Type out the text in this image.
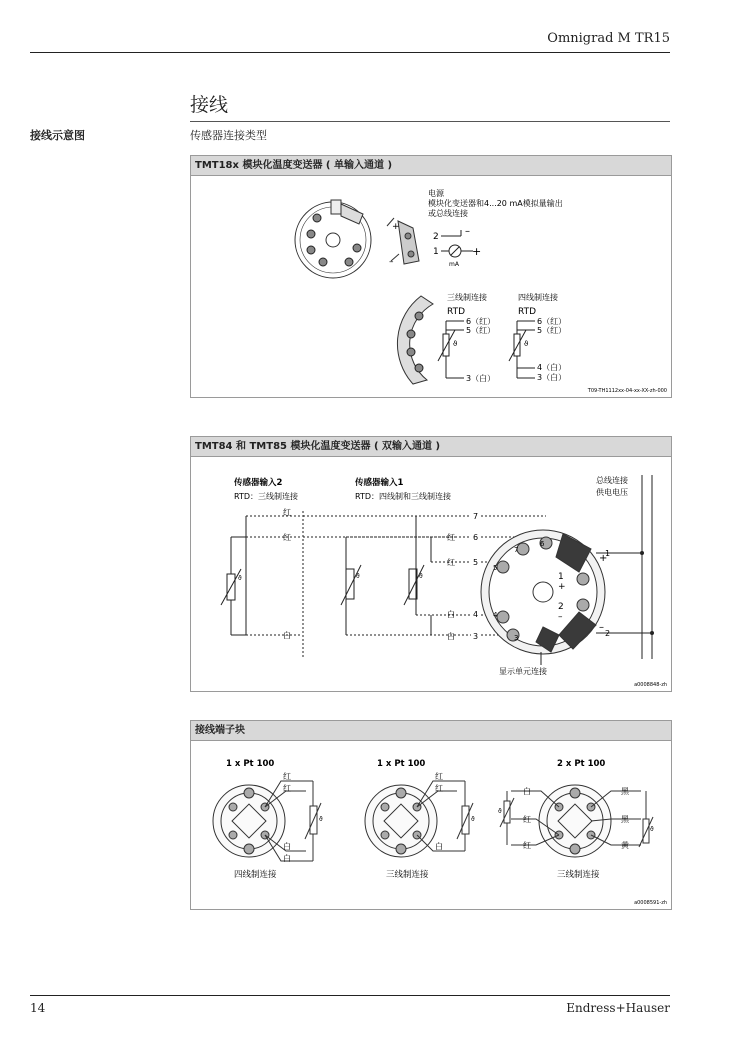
Omnigrad M TR15
接线
接线示意图	传感器连接类型
TMT18x 模块化温度变送器 ( 单输入通道 )
–
+
电源
模块化变送器和4...20 mA模拟量输出
或总线连接
2
1
–
+
mA
三线制连接
RTD
ϑ
6（红）
5（红）
3（白）
四线制连接
RTD
ϑ
6（红）
5（红）
4（白）
3（白）
T09-TH1112xx-04-xx-XX-zh-000
TMT84 和 TMT85 模块化温度变送器 ( 双输入通道 )
传感器输入2
RTD：三线制连接
传感器输入1
RTD：四线制和三线制连接
总线连接
供电电压
ϑ
红
红
白
ϑ	ϑ
红
红
白
白
7
6
5
4
3
7
6
5
4
3
1
+
2
–
+
–
1
2
显示单元连接
a0008848-zh
接线端子块
1 x Pt 100
ϑ
红
红
白
白
四线制连接
1 x Pt 100
ϑ
红
红
白
三线制连接
2 x Pt 100
ϑ
ϑ
白
红
红
黑
黑
黄
三线制连接
a0008591-zh
14	Endress+Hauser
